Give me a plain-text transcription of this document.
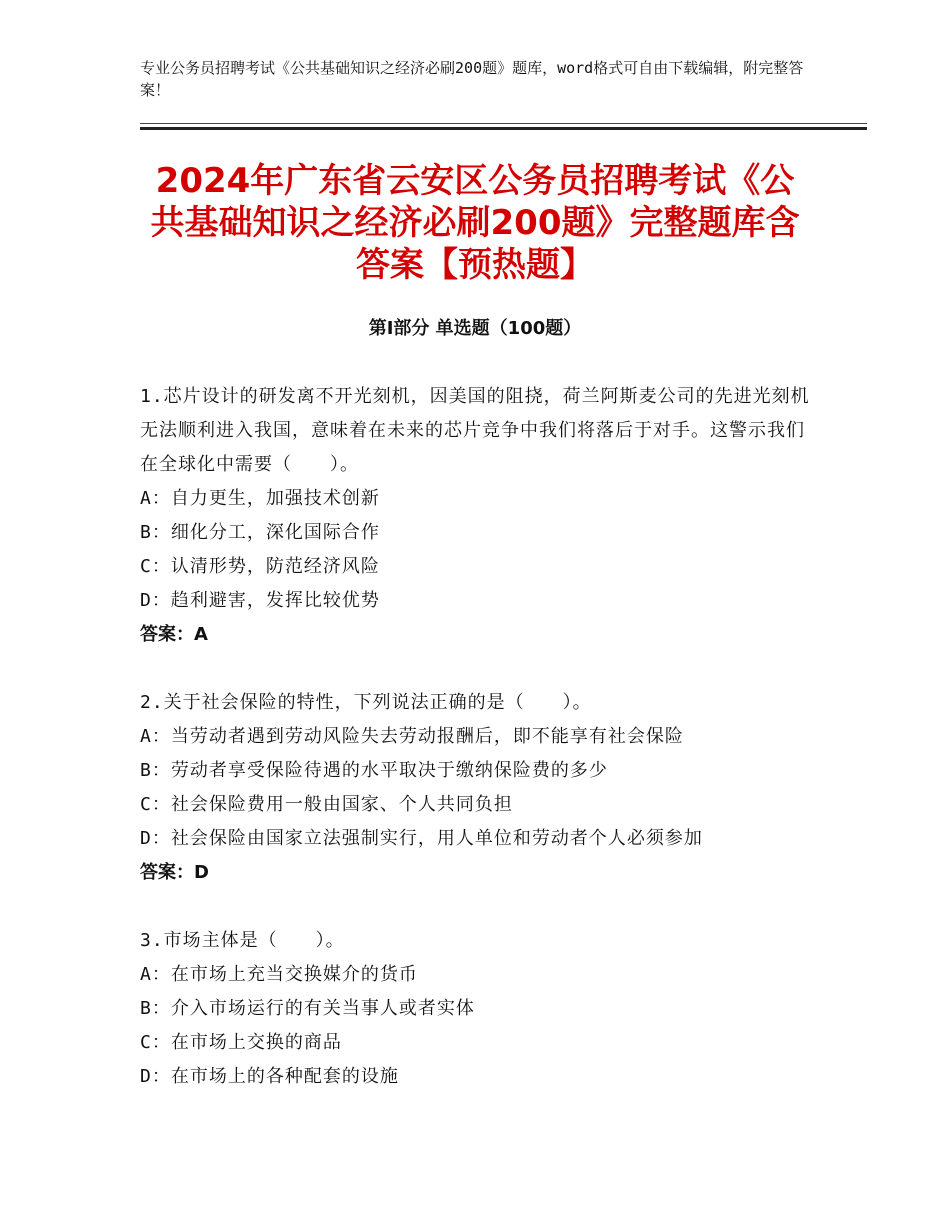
专业公务员招聘考试《公共基础知识之经济必刷200题》题库，word格式可自由下载编辑，附完整答案！
2024年广东省云安区公务员招聘考试《公共基础知识之经济必刷200题》完整题库含答案【预热题】
第Ⅰ部分 单选题（100题）

1.芯片设计的研发离不开光刻机，因美国的阻挠，荷兰阿斯麦公司的先进光刻机无法顺利进入我国，意味着在未来的芯片竞争中我们将落后于对手。这警示我们在全球化中需要（　　）。

A：自力更生，加强技术创新

B：细化分工，深化国际合作

C：认清形势，防范经济风险

D：趋利避害，发挥比较优势

答案：A

2.关于社会保险的特性，下列说法正确的是（　　）。

A：当劳动者遇到劳动风险失去劳动报酬后，即不能享有社会保险

B：劳动者享受保险待遇的水平取决于缴纳保险费的多少

C：社会保险费用一般由国家、个人共同负担

D：社会保险由国家立法强制实行，用人单位和劳动者个人必须参加

答案：D

3.市场主体是（　　）。

A：在市场上充当交换媒介的货币

B：介入市场运行的有关当事人或者实体

C：在市场上交换的商品

D：在市场上的各种配套的设施
